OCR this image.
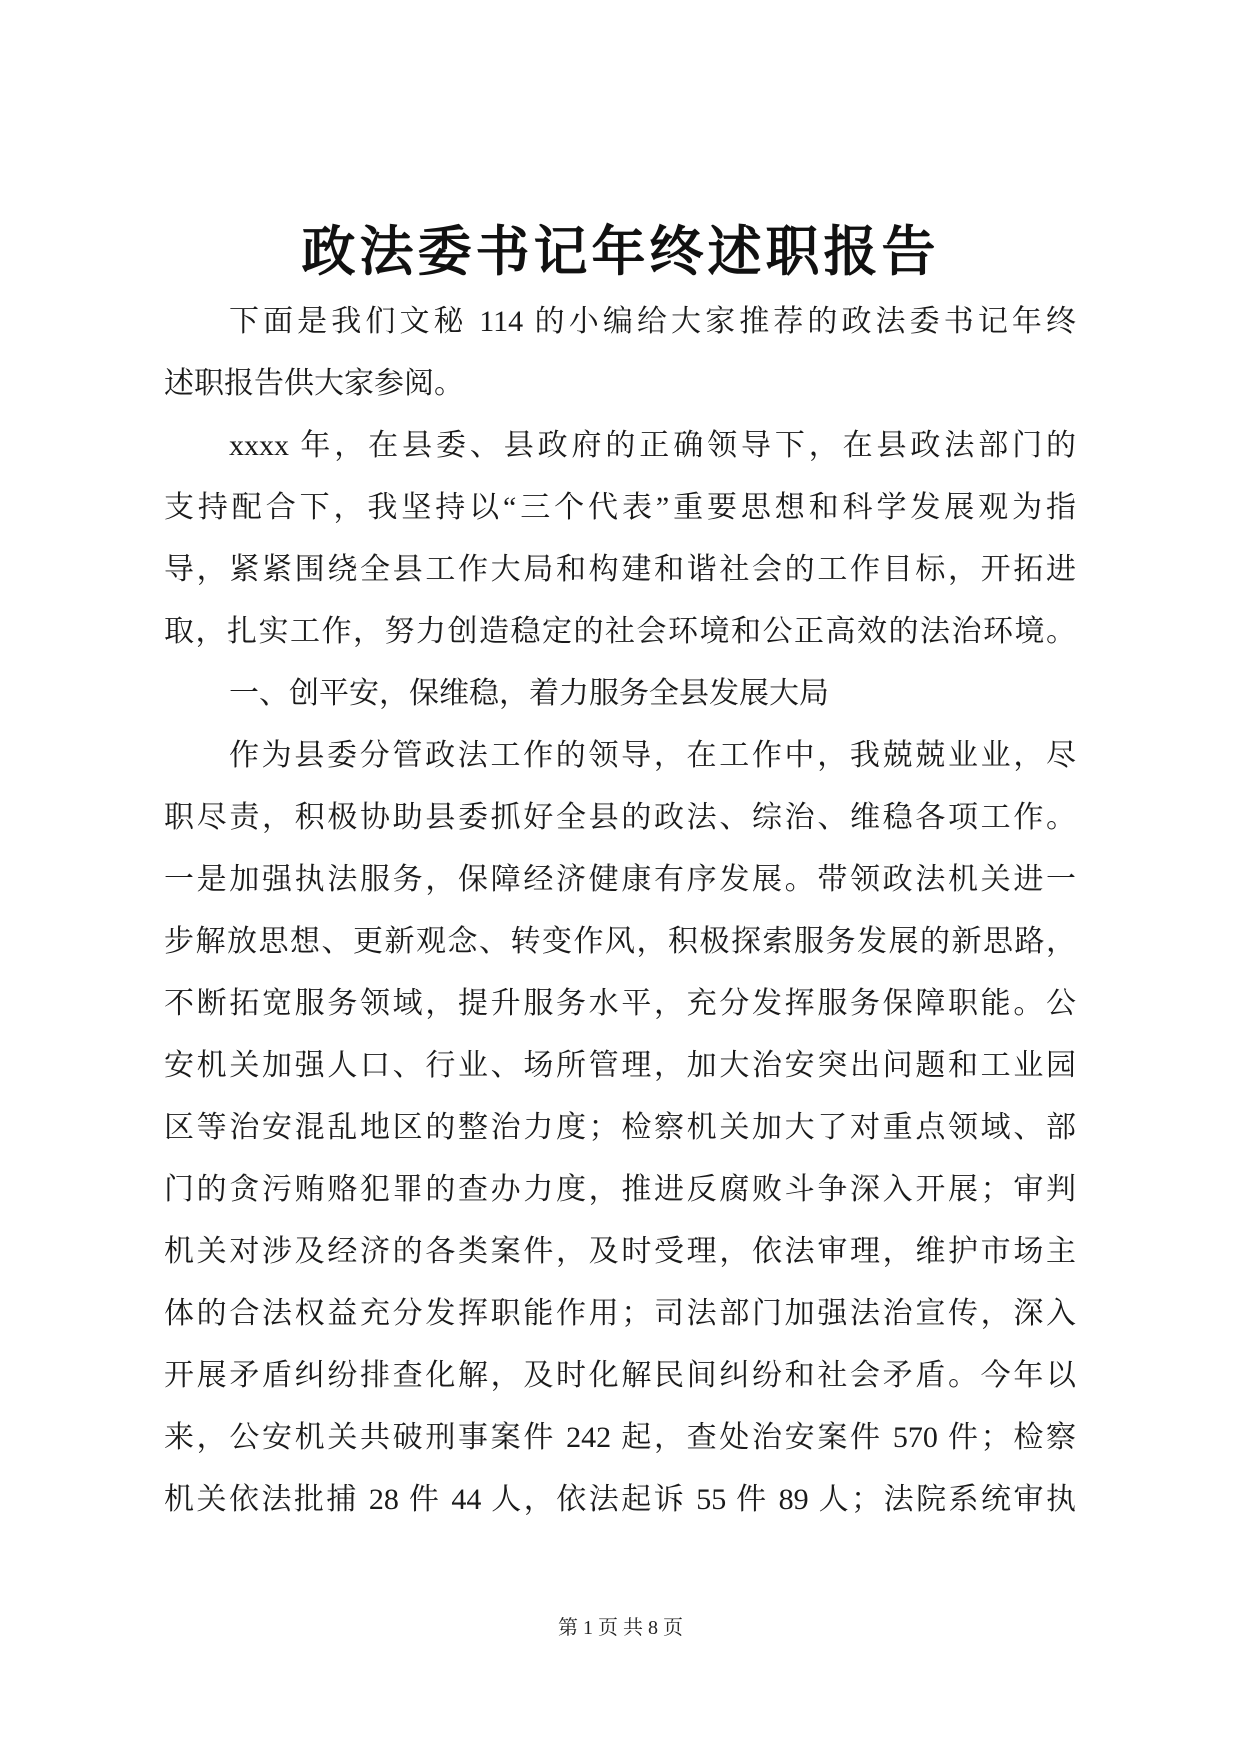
政法委书记年终述职报告
下面是我们文秘 114 的小编给大家推荐的政法委书记年终
述职报告供大家参阅。
xxxx 年，在县委、县政府的正确领导下，在县政法部门的
支持配合下，我坚持以“三个代表”重要思想和科学发展观为指
导，紧紧围绕全县工作大局和构建和谐社会的工作目标，开拓进
取，扎实工作，努力创造稳定的社会环境和公正高效的法治环境。
一、创平安，保维稳，着力服务全县发展大局
作为县委分管政法工作的领导，在工作中，我兢兢业业，尽
职尽责，积极协助县委抓好全县的政法、综治、维稳各项工作。
一是加强执法服务，保障经济健康有序发展。带领政法机关进一
步解放思想、更新观念、转变作风，积极探索服务发展的新思路，
不断拓宽服务领域，提升服务水平，充分发挥服务保障职能。公
安机关加强人口、行业、场所管理，加大治安突出问题和工业园
区等治安混乱地区的整治力度；检察机关加大了对重点领域、部
门的贪污贿赂犯罪的查办力度，推进反腐败斗争深入开展；审判
机关对涉及经济的各类案件，及时受理，依法审理，维护市场主
体的合法权益充分发挥职能作用；司法部门加强法治宣传，深入
开展矛盾纠纷排查化解，及时化解民间纠纷和社会矛盾。今年以
来，公安机关共破刑事案件 242 起，查处治安案件 570 件；检察
机关依法批捕 28 件 44 人，依法起诉 55 件 89 人；法院系统审执
第 1 页 共 8 页
